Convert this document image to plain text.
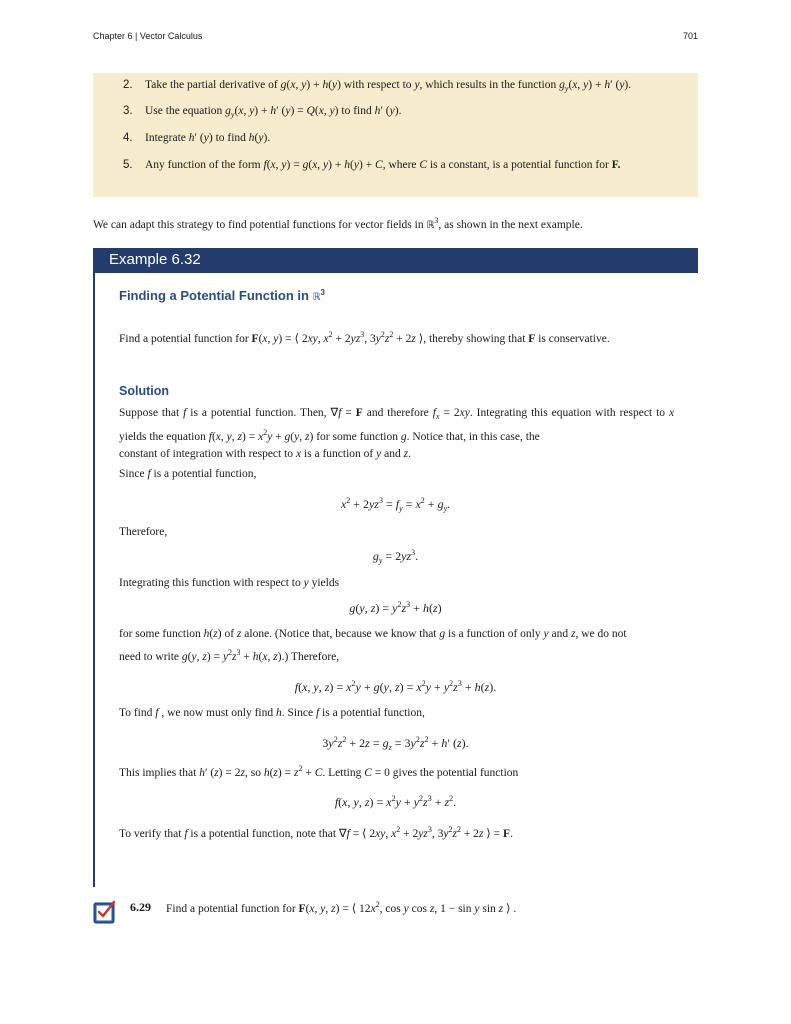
Chapter 6 | Vector Calculus	701
2. Take the partial derivative of g(x, y) + h(y) with respect to y, which results in the function $g_y(x$, y) + h′ (y).
3. Use the equation $g_y(x$, y) + h′ (y) = Q(x, y) to find h′ (y).
4. Integrate h′ (y) to find h(y).
5. Any function of the form f(x, y) = g(x, y) + h(y) + C, where C is a constant, is a potential function for F.
We can adapt this strategy to find potential functions for vector fields in ℝ$^3$, as shown in the next example.
Example 6.32
Finding a Potential Function in ℝ$^3$
Find a potential function for F(x, y) = ⟨ 2xy, $x^2 + 2yz^3$, $3y^2z^2 + 2z$ ⟩, thereby showing that F is conservative.
Solution
Suppose that f is a potential function. Then, ∇f = F and therefore $f_x = 2xy$. Integrating this equation with respect to x yields the equation f(x, y, $z) = x^2y + g(y$, z) for some function g. Notice that, in this case, the
constant of integration with respect to x is a function of y and z.
Since f is a potential function,
$x^2 + 2yz^3 = f_y = x^2 + g_y$.
Therefore,
$g_y = 2yz^3$.
Integrating this function with respect to y yields
g(y, $z) = y^2z^3 + h(z)$
for some function h(z) of z alone. (Notice that, because we know that g is a function of only y and z, we do not
need to write g(y, $z) = y^2z^3 + h(x$, z).) Therefore,
f(x, y, $z) = x^2y + g(y$, $z) = x^2y + y^2z^3 + h(z)$.
To find f , we now must only find h. Since f is a potential function,
$3y^2z^2 + 2z = g_z = 3y^2z^2 + h'$ (z).
This implies that h′ (z) = 2z, so $h(z) = z^2 + C$. Letting C = 0 gives the potential function
f(x, y, $z) = x^2y + y^2z^3 + z^2$.
To verify that f is a potential function, note that ∇f = ⟨ 2xy, $x^2 + 2yz^3$, $3y^2z^2 + 2z$ ⟩ = F.
6.29 Find a potential function for F(x, y, z) = ⟨ $12x^2$, cos y cos z, 1 − sin y sin z ⟩ .
